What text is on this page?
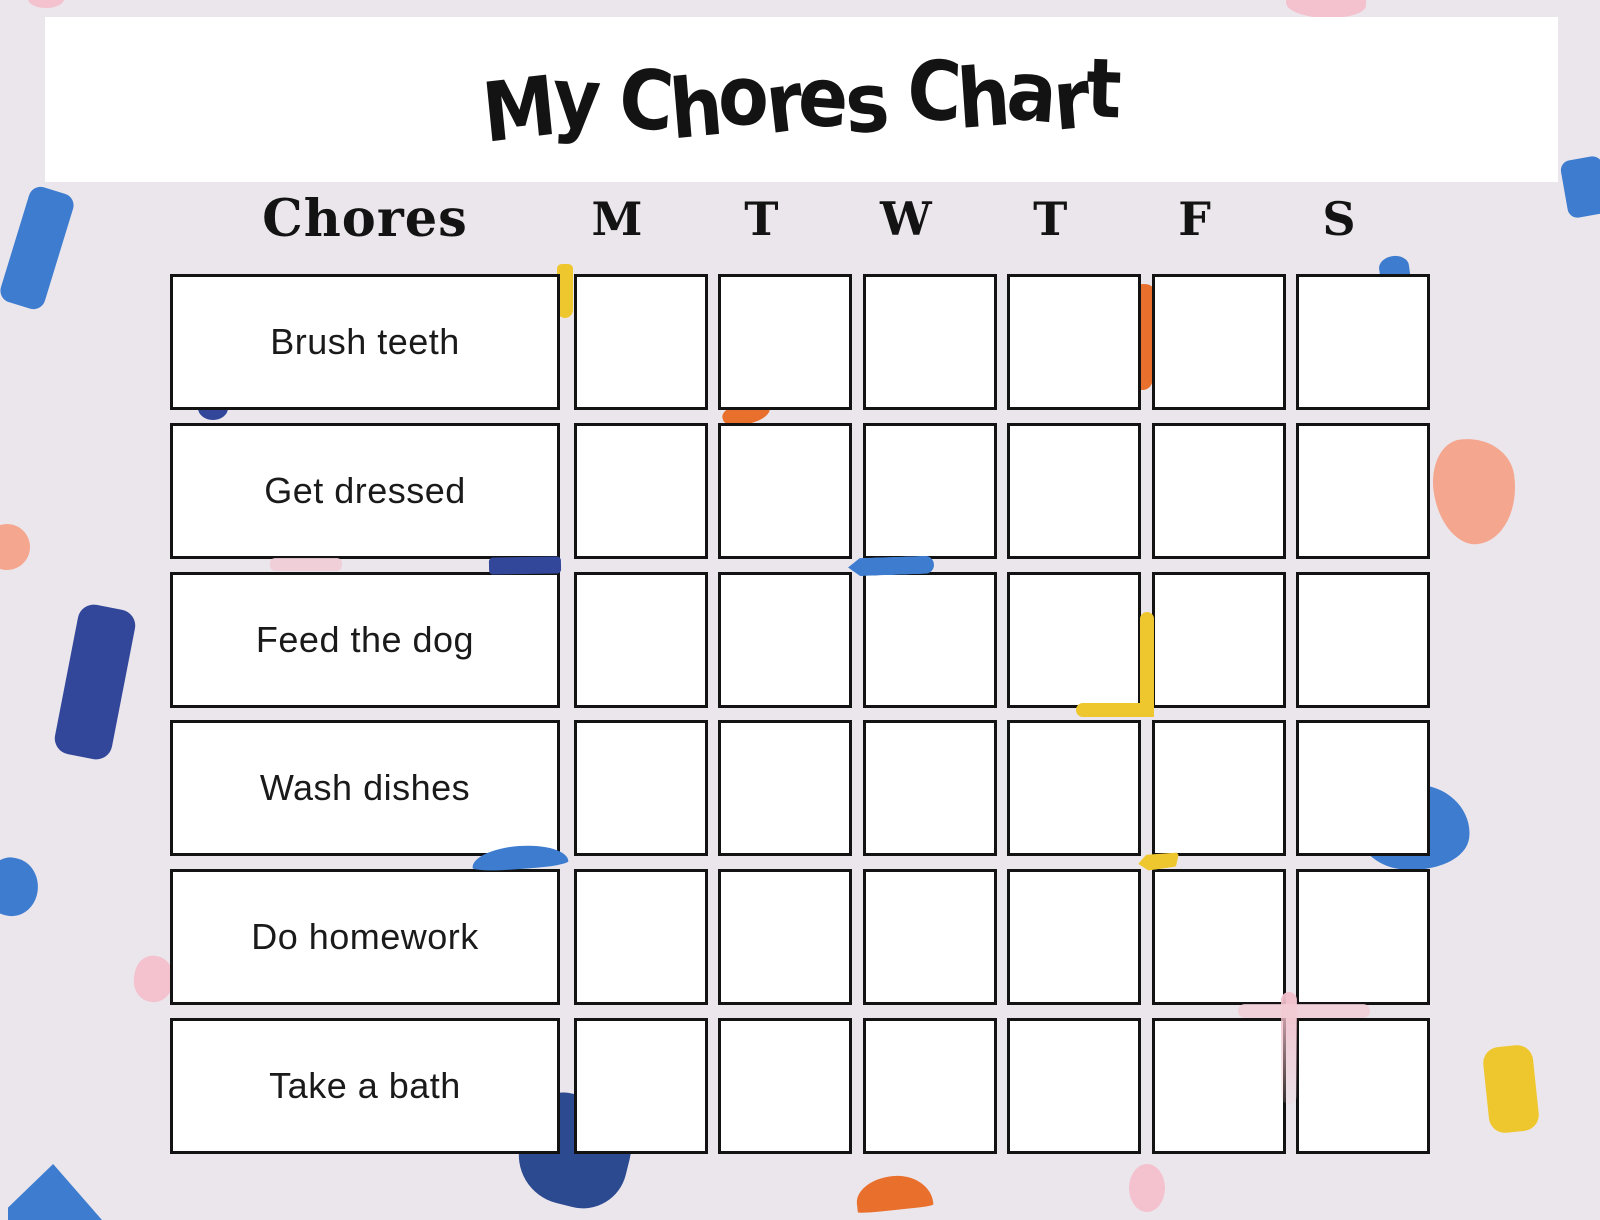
M
y
C
h
o
r
e
s
C
h
a
r
t
Chores	M	T	W	T	F	S
Brush teeth
Get dressed
Feed the dog
Wash dishes
Do homework
Take a bath
